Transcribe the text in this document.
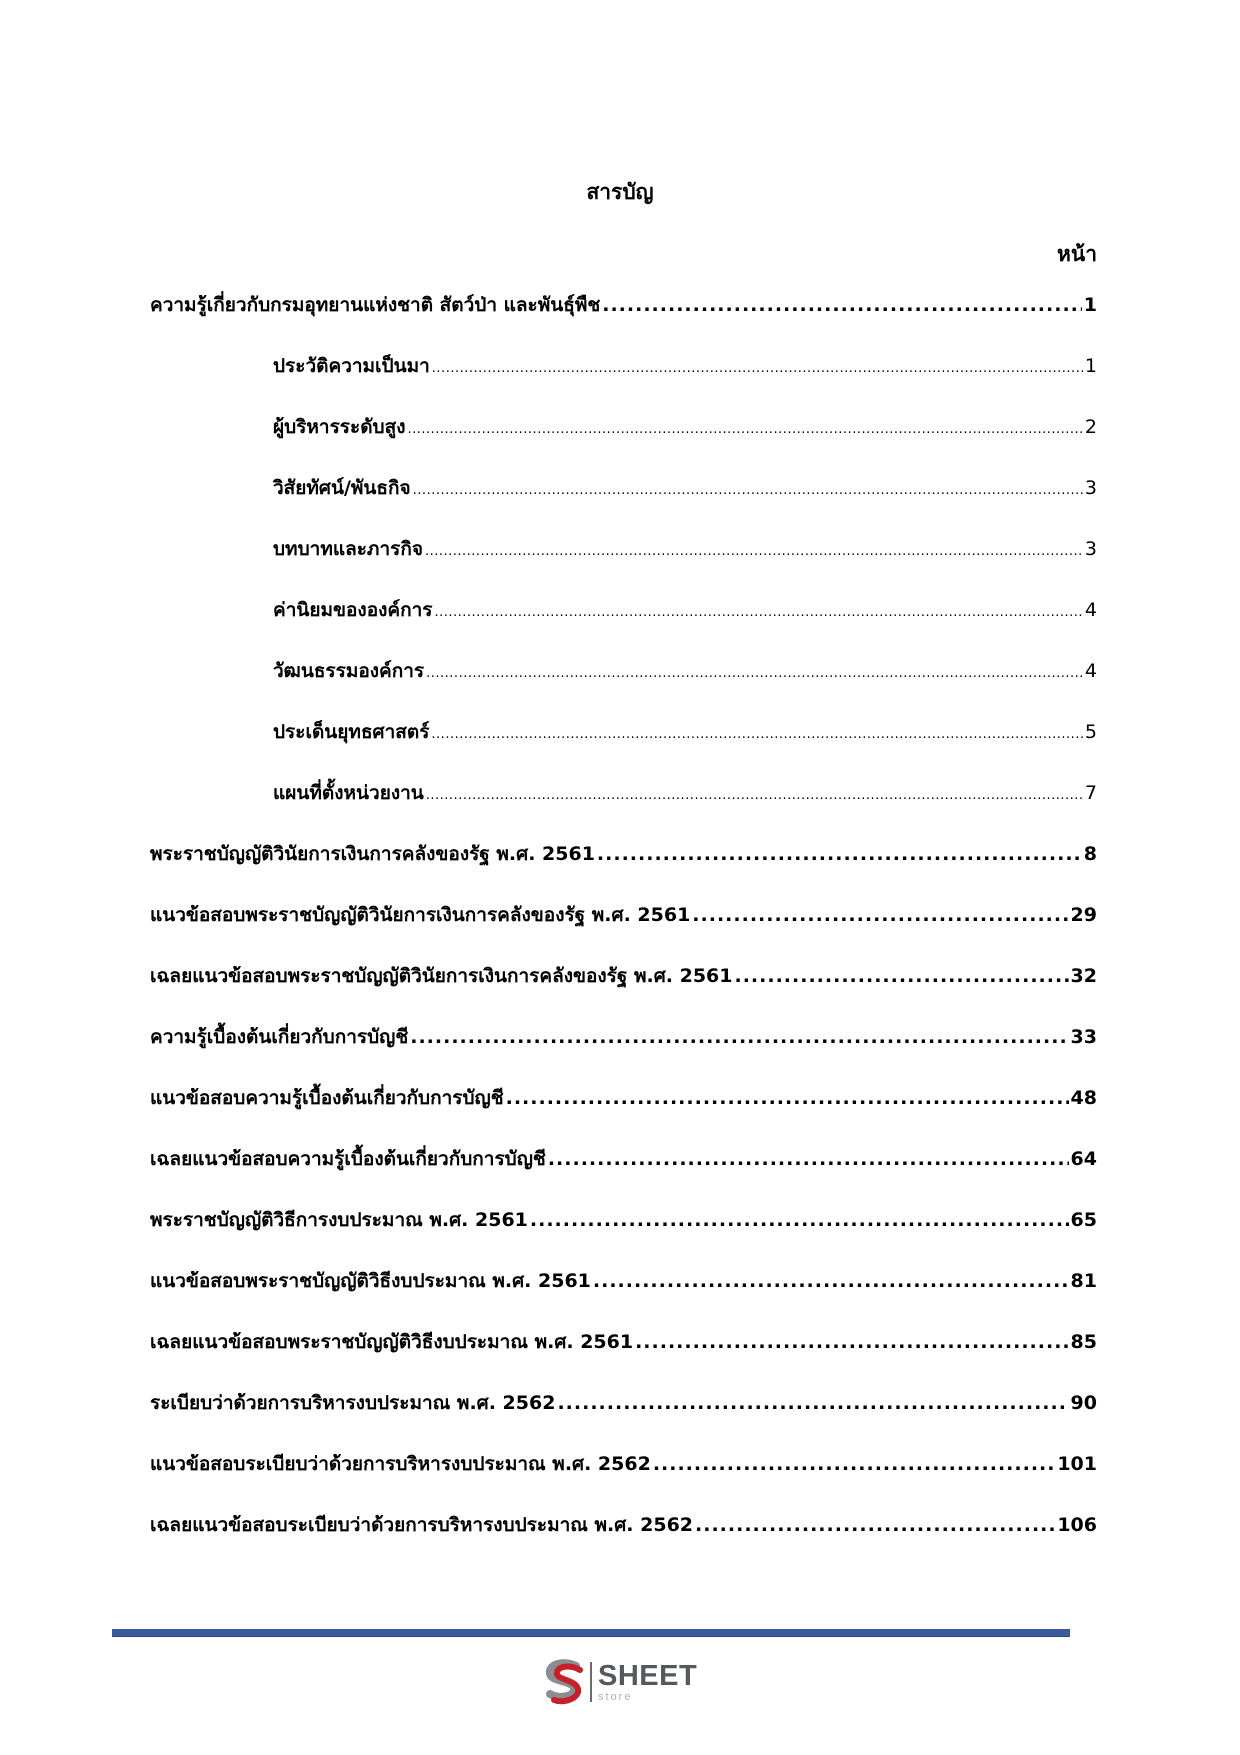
สารบัญ
หน้า
ความรู้เกี่ยวกับกรมอุทยานแห่งชาติ สัตว์ป่า และพันธุ์พืช .....	1
ประวัติความเป็นมา .....	1
ผู้บริหารระดับสูง .....	2
วิสัยทัศน์/พันธกิจ .....	3
บทบาทและภารกิจ .....	3
ค่านิยมขององค์การ .....	4
วัฒนธรรมองค์การ .....	4
ประเด็นยุทธศาสตร์ .....	5
แผนที่ตั้งหน่วยงาน .....	7
พระราชบัญญัติวินัยการเงินการคลังของรัฐ พ.ศ. 2561 .....	8
แนวข้อสอบพระราชบัญญัติวินัยการเงินการคลังของรัฐ พ.ศ. 2561 .....	29
เฉลยแนวข้อสอบพระราชบัญญัติวินัยการเงินการคลังของรัฐ พ.ศ. 2561 .....	32
ความรู้เบื้องต้นเกี่ยวกับการบัญชี .....	33
แนวข้อสอบความรู้เบื้องต้นเกี่ยวกับการบัญชี .....	48
เฉลยแนวข้อสอบความรู้เบื้องต้นเกี่ยวกับการบัญชี .....	64
พระราชบัญญัติวิธีการงบประมาณ พ.ศ. 2561 .....	65
แนวข้อสอบพระราชบัญญัติวิธีงบประมาณ พ.ศ. 2561 .....	81
เฉลยแนวข้อสอบพระราชบัญญัติวิธีงบประมาณ พ.ศ. 2561 .....	85
ระเบียบว่าด้วยการบริหารงบประมาณ พ.ศ. 2562 .....	90
แนวข้อสอบระเบียบว่าด้วยการบริหารงบประมาณ พ.ศ. 2562 .....	101
เฉลยแนวข้อสอบระเบียบว่าด้วยการบริหารงบประมาณ พ.ศ. 2562 .....	106
SHEET
store
